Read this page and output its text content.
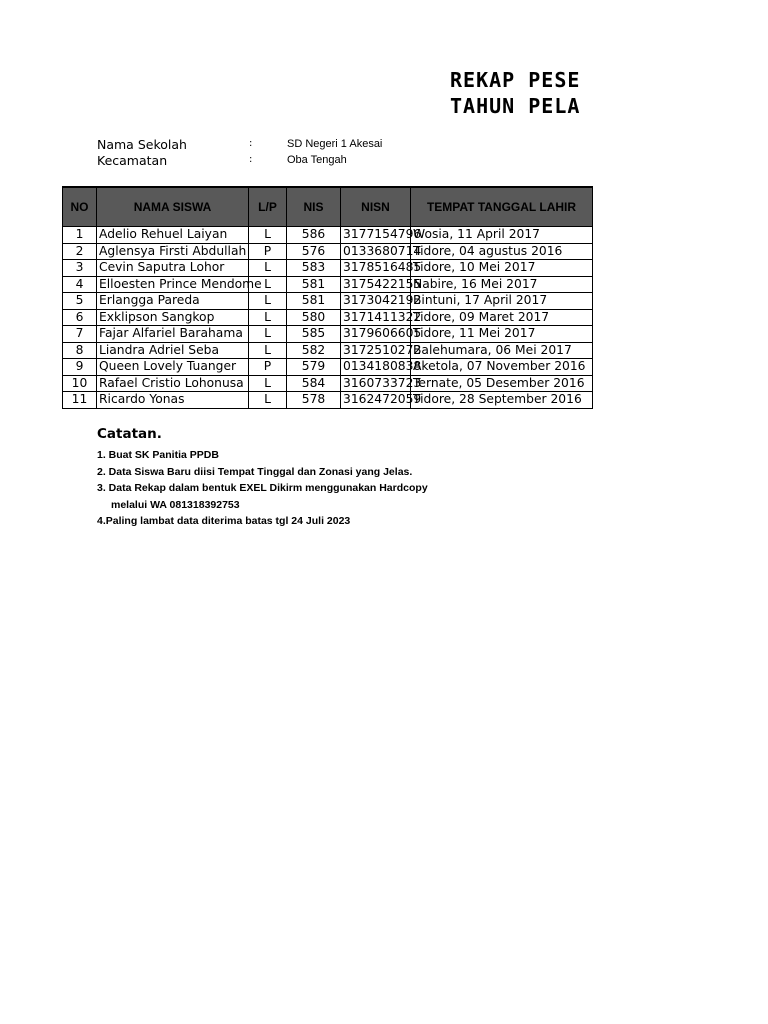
REKAP PESE
TAHUN PELA
Nama Sekolah	:	SD Negeri 1 Akesai
Kecamatan	:	Oba Tengah
NO	NAMA SISWA	L/P	NIS	NISN	TEMPAT TANGGAL LAHIR
1	Adelio Rehuel Laiyan	L	586	3177154796	Wosia, 11 April 2017
2	Aglensya Firsti Abdullah	P	576	0133680714	Tidore, 04 agustus 2016
3	Cevin Saputra Lohor	L	583	3178516485	Tidore, 10 Mei 2017
4	Elloesten Prince Mendome	L	581	3175422155	Nabire, 16 Mei 2017
5	Erlangga Pareda	L	581	3173042192	Bintuni, 17 April 2017
6	Exklipson Sangkop	L	580	3171411322	Tidore, 09 Maret 2017
7	Fajar Alfariel Barahama	L	585	3179606605	Tidore, 11 Mei 2017
8	Liandra Adriel Seba	L	582	3172510272	Balehumara, 06 Mei 2017
9	Queen Lovely Tuanger	P	579	0134180838	Aketola, 07 November 2016
10	Rafael Cristio Lohonusa	L	584	3160733723	Ternate, 05 Desember 2016
11	Ricardo Yonas	L	578	3162472059	Tidore, 28 September 2016
Catatan.
1. Buat SK Panitia PPDB
2. Data Siswa Baru diisi Tempat Tinggal dan Zonasi yang Jelas.
3. Data Rekap dalam bentuk EXEL Dikirm menggunakan Hardcopy
melalui WA 081318392753
4.Paling lambat data diterima batas tgl 24 Juli 2023
